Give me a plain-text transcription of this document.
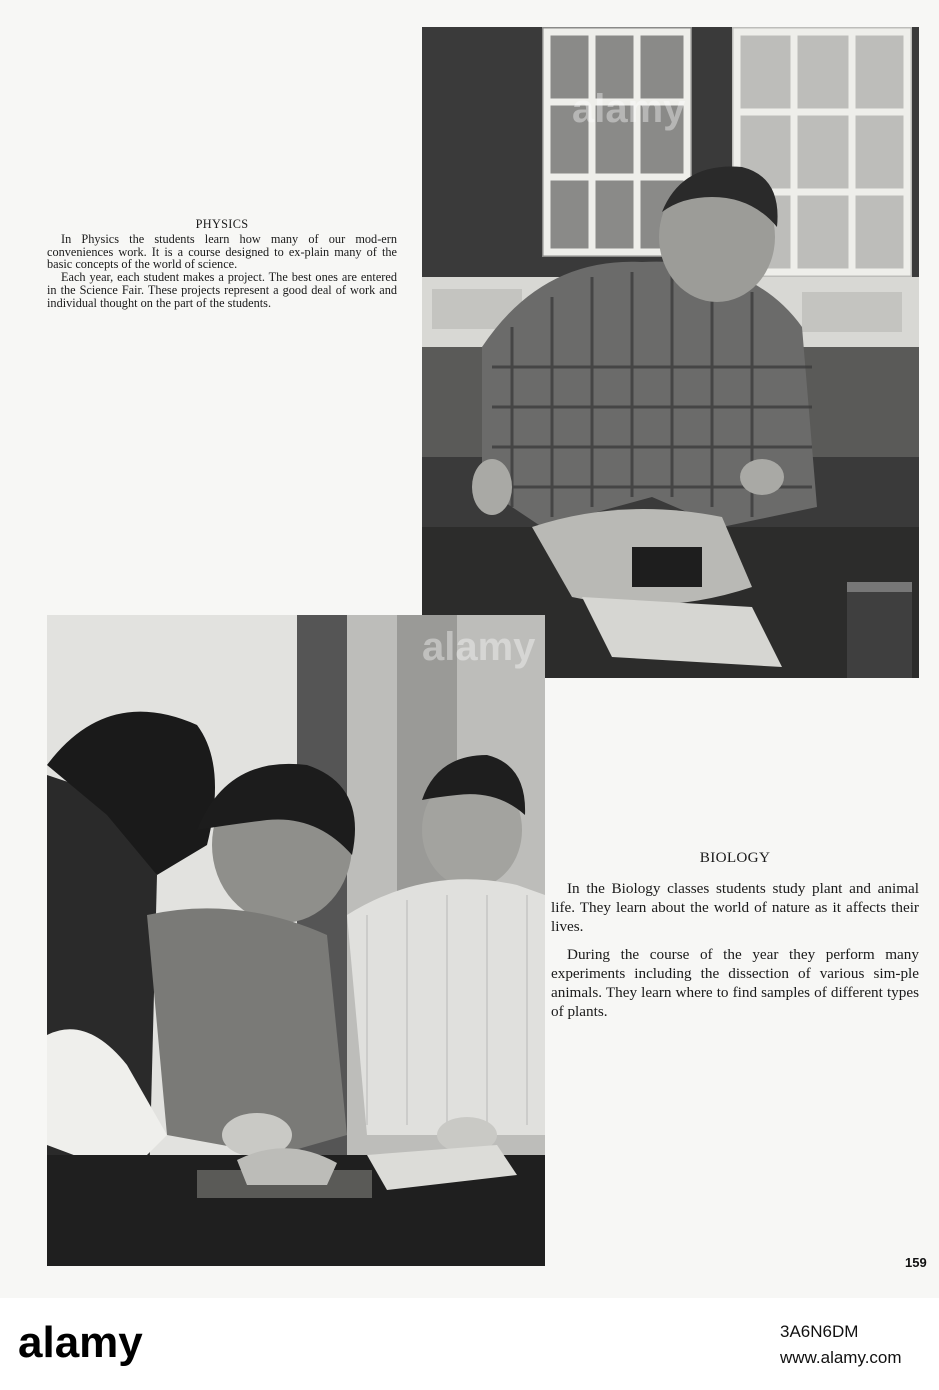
alamy
PHYSICS

In Physics the students learn how many of our mod-ern conveniences work. It is a course designed to ex-plain many of the basic concepts of the world of science.

Each year, each student makes a project. The best ones are entered in the Science Fair. These projects represent a good deal of work and individual thought on the part of the students.

alamy
BIOLOGY

In the Biology classes students study plant and animal life. They learn about the world of nature as it affects their lives.

During the course of the year they perform many experiments including the dissection of various sim-ple animals. They learn where to find samples of different types of plants.

159
alamy	3A6N6DM
www.alamy.com
